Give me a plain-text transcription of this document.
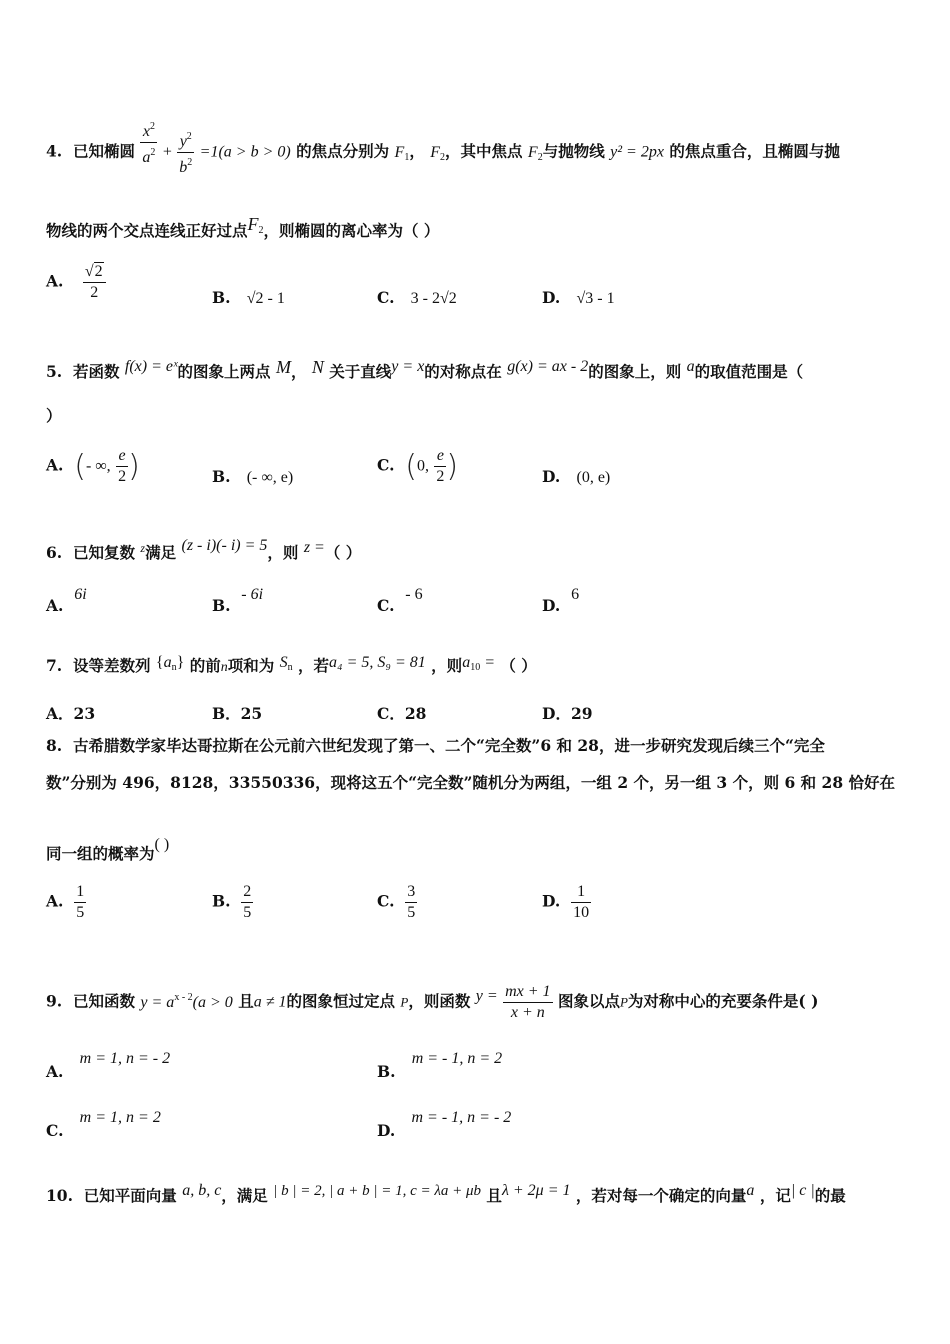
4. 已知椭圆 $\frac{x^2}{a^2} + \frac{y^2}{b^2} =1(a > b > 0)$ 的焦点分别为 $F_1$， $F_2$，其中焦点 $F_2$与抛物线 y² = 2px 的焦点重合，且椭圆与抛
物线的两个交点连线正好过点$F_2$，则椭圆的离心率为（ ）
A. $\frac{√2}{2}$	B. √2 - 1	C. 3 - 2√2	D. √3 - 1
5. 若函数 f(x) = eˣ的图象上两点 M， N 关于直线y = x的对称点在 g(x) = ax - 2的图象上，则 a的取值范围是（
）
A.  (- ∞, $\frac{e}{2}$ )	B.   (- ∞, e)
C.  (0, $\frac{e}{2}$ )	D.   (0, e)
6. 已知复数 $^z$满足 (z - i)(- i) = 5，则 z =（ ）
A.  6i
B.  - 6i
C.  - 6
D.  6
7. 设等差数列 $\{a_n\}$ 的前n项和为 $S_n$ ，若a₄ = 5, S₉ = 81 ，则$a_{10}$ = （ ）
A．23	B．25	C．28	D．29
8. 古希腊数学家毕达哥拉斯在公元前六世纪发现了第一、二个“完全数”6 和 28，进一步研究发现后续三个“完全
数”分别为 496，8128，33550336，现将这五个“完全数”随机分为两组，一组 2 个，另一组 3 个，则 6 和 28 恰好在
同一组的概率为( )
A. $\frac{1}{5}$	B. $\frac{2}{5}$	C. $\frac{3}{5}$	D. $\frac{1}{10}$
9. 已知函数 $y = a^{x - 2}(a > 0$ 且a ≠ 1的图象恒过定点 P，则函数 $y = \frac{mx + 1}{x + n}$ 图象以点P为对称中心的充要条件是( )
A.   m = 1, n = - 2
B.   m = - 1, n = 2
C.   m = 1, n = 2
D.   m = - 1, n = - 2
10. 已知平面向量 a, b, c，满足 | b | = 2, | a + b | = 1, c = λa + μb 且λ + 2μ = 1 ，若对每一个确定的向量a ，记| c |的最
